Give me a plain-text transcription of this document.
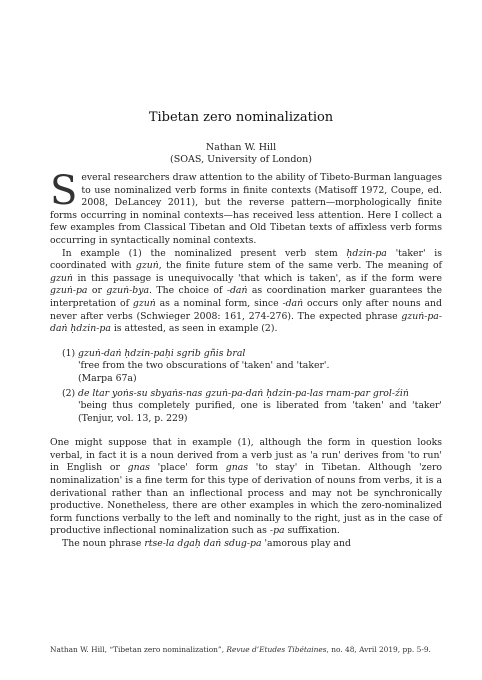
Tibetan zero nominalization
Nathan W. Hill
(SOAS, University of London)

Several researchers draw attention to the ability of Tibeto-Burman languages to use nominalized verb forms in finite contexts (Matisoff 1972, Coupe, ed. 2008, DeLancey 2011), but the reverse pattern—morphologically finite forms occurring in nominal contexts—has received less attention. Here I collect a few examples from Classical Tibetan and Old Tibetan texts of affixless verb forms occurring in syntactically nominal contexts.

In example (1) the nominalized present verb stem ḥdzin-pa 'taker' is coordinated with gzuṅ, the finite future stem of the same verb. The meaning of gzuṅ in this passage is unequivocally 'that which is taken', as if the form were gzuṅ-pa or gzuṅ-bya. The choice of -daṅ as coordination marker guarantees the interpretation of gzuṅ as a nominal form, since -daṅ occurs only after nouns and never after verbs (Schwieger 2008: 161, 274-276). The expected phrase gzuṅ-pa-daṅ ḥdzin-pa is attested, as seen in example (2).

(1) gzuṅ-daṅ ḥdzin-paḥi sgrib gñis bral
'free from the two obscurations of 'taken' and 'taker'.
(Marpa 67a)
(2) de ltar yoṅs-su sbyaṅs-nas gzuṅ-pa-daṅ ḥdzin-pa-las rnam-par grol-źiṅ
'being thus completely purified, one is liberated from 'taken' and 'taker' (Tenjur, vol. 13, p. 229)

One might suppose that in example (1), although the form in question looks verbal, in fact it is a noun derived from a verb just as 'a run' derives from 'to run' in English or gnas 'place' form gnas 'to stay' in Tibetan. Although 'zero nominalization' is a fine term for this type of derivation of nouns from verbs, it is a derivational rather than an inflectional process and may not be synchronically productive. Nonetheless, there are other examples in which the zero-nominalized form functions verbally to the left and nominally to the right, just as in the case of productive inflectional nominalization such as -pa suffixation.

The noun phrase rtse-la dgaḥ daṅ sdug-pa 'amorous play and

Nathan W. Hill, “Tibetan zero nominalization”, Revue d’Etudes Tibétaines, no. 48, Avril 2019, pp. 5-9.
